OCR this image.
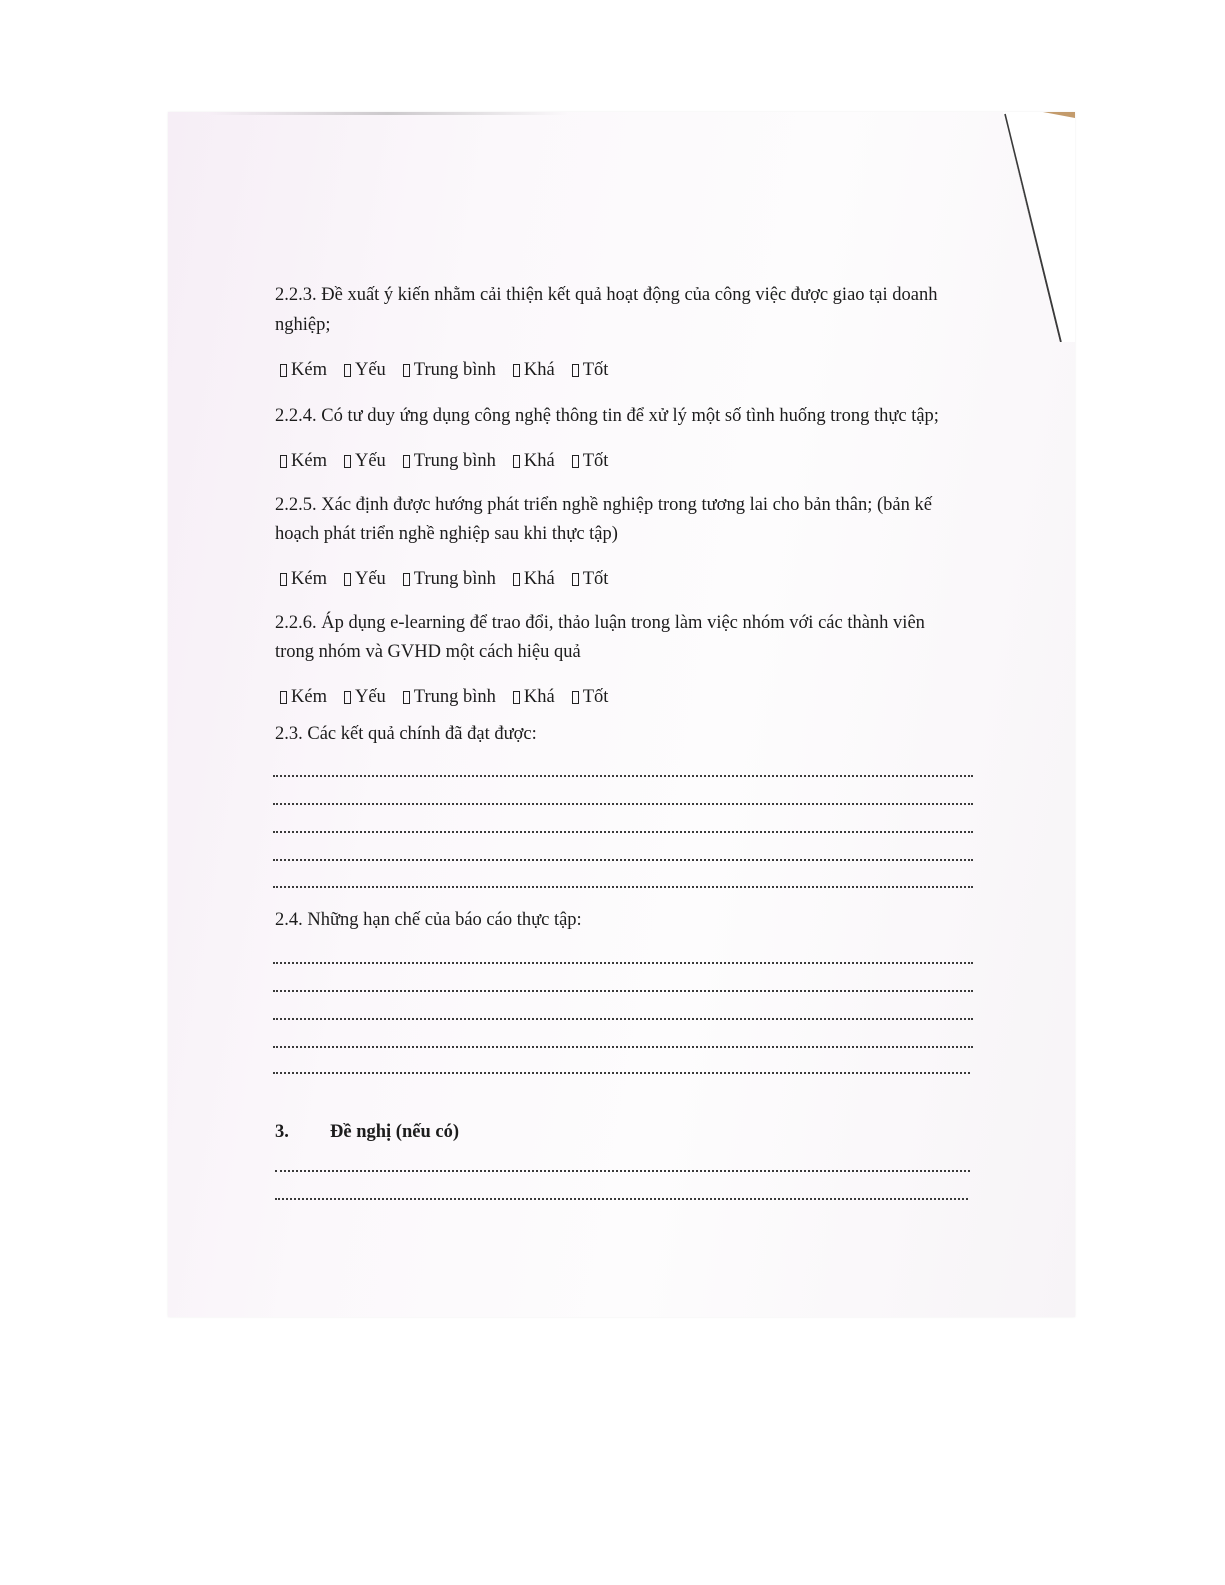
2.2.3. Đề xuất ý kiến nhằm cải thiện kết quả hoạt động của công việc được giao tại doanh
nghiệp;
Kém Yếu Trung bình Khá Tốt
2.2.4. Có tư duy ứng dụng công nghệ thông tin để xử lý một số tình huống trong thực tập;
Kém Yếu Trung bình Khá Tốt
2.2.5. Xác định được hướng phát triển nghề nghiệp trong tương lai cho bản thân; (bản kế
hoạch phát triển nghề nghiệp sau khi thực tập)
Kém Yếu Trung bình Khá Tốt
2.2.6. Áp dụng e-learning để trao đổi, thảo luận trong làm việc nhóm với các thành viên
trong nhóm và GVHD một cách hiệu quả
Kém Yếu Trung bình Khá Tốt
2.3. Các kết quả chính đã đạt được:
2.4. Những hạn chế của báo cáo thực tập:
3. Đề nghị (nếu có)
